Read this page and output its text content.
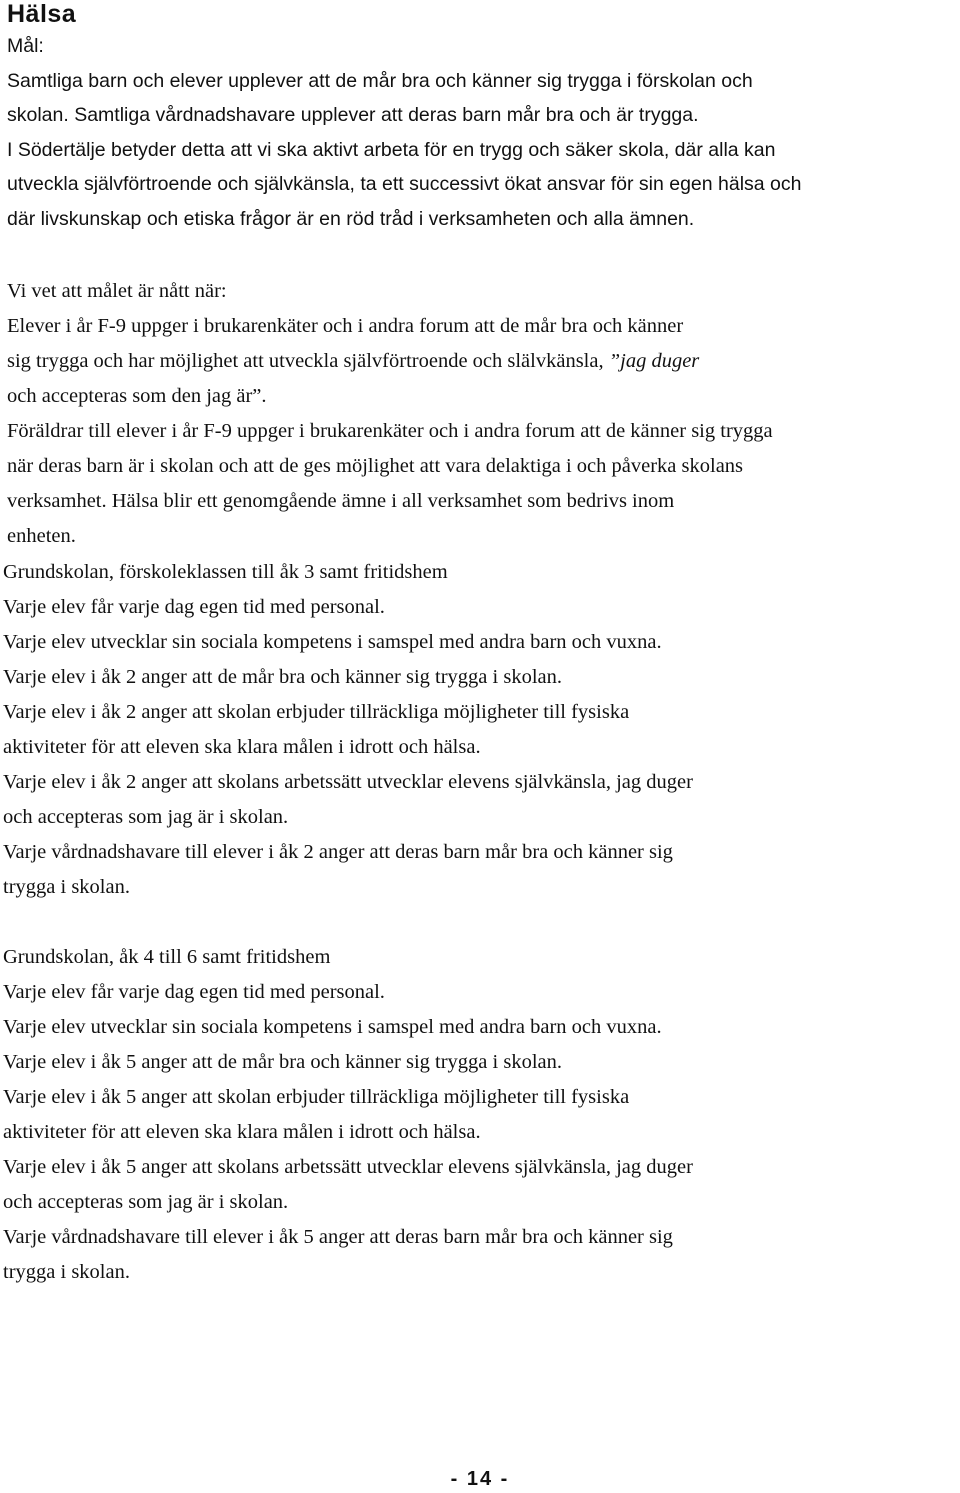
Hälsa
Mål:
Samtliga barn och elever upplever att de mår bra och känner sig trygga i förskolan och
skolan. Samtliga vårdnadshavare upplever att deras barn mår bra och är trygga.
I Södertälje betyder detta att vi ska aktivt arbeta för en trygg och säker skola, där alla kan
utveckla självförtroende och självkänsla, ta ett successivt ökat ansvar för sin egen hälsa och
där livskunskap och etiska frågor är en röd tråd i verksamheten och alla ämnen.
Vi vet att målet är nått när:
Elever i år F-9 uppger i brukarenkäter och i andra forum att de mår bra och känner
sig trygga och har möjlighet att utveckla självförtroende och slälvkänsla, ”jag duger
och accepteras som den jag är”.
Föräldrar till elever i år F-9 uppger i brukarenkäter och i andra forum att de känner sig trygga
när deras barn är i skolan och att de ges möjlighet att vara delaktiga i och påverka skolans
verksamhet. Hälsa blir ett genomgående ämne i all verksamhet som bedrivs inom
enheten.
Grundskolan, förskoleklassen till åk 3 samt fritidshem
Varje elev får varje dag egen tid med personal.
Varje elev utvecklar sin sociala kompetens i samspel med andra barn och vuxna.
Varje elev i åk 2 anger att de mår bra och känner sig trygga i skolan.
Varje elev i åk 2 anger att skolan erbjuder tillräckliga möjligheter till fysiska
aktiviteter för att eleven ska klara målen i idrott och hälsa.
Varje elev i åk 2 anger att skolans arbetssätt utvecklar elevens självkänsla, jag duger
och accepteras som jag är i skolan.
Varje vårdnadshavare till elever i åk 2 anger att deras barn mår bra och känner sig
trygga i skolan.
Grundskolan, åk 4 till 6 samt fritidshem
Varje elev får varje dag egen tid med personal.
Varje elev utvecklar sin sociala kompetens i samspel med andra barn och vuxna.
Varje elev i åk 5 anger att de mår bra och känner sig trygga i skolan.
Varje elev i åk 5 anger att skolan erbjuder tillräckliga möjligheter till fysiska
aktiviteter för att eleven ska klara målen i idrott och hälsa.
Varje elev i åk 5 anger att skolans arbetssätt utvecklar elevens självkänsla, jag duger
och accepteras som jag är i skolan.
Varje vårdnadshavare till elever i åk 5 anger att deras barn mår bra och känner sig
trygga i skolan.
- 14 -
